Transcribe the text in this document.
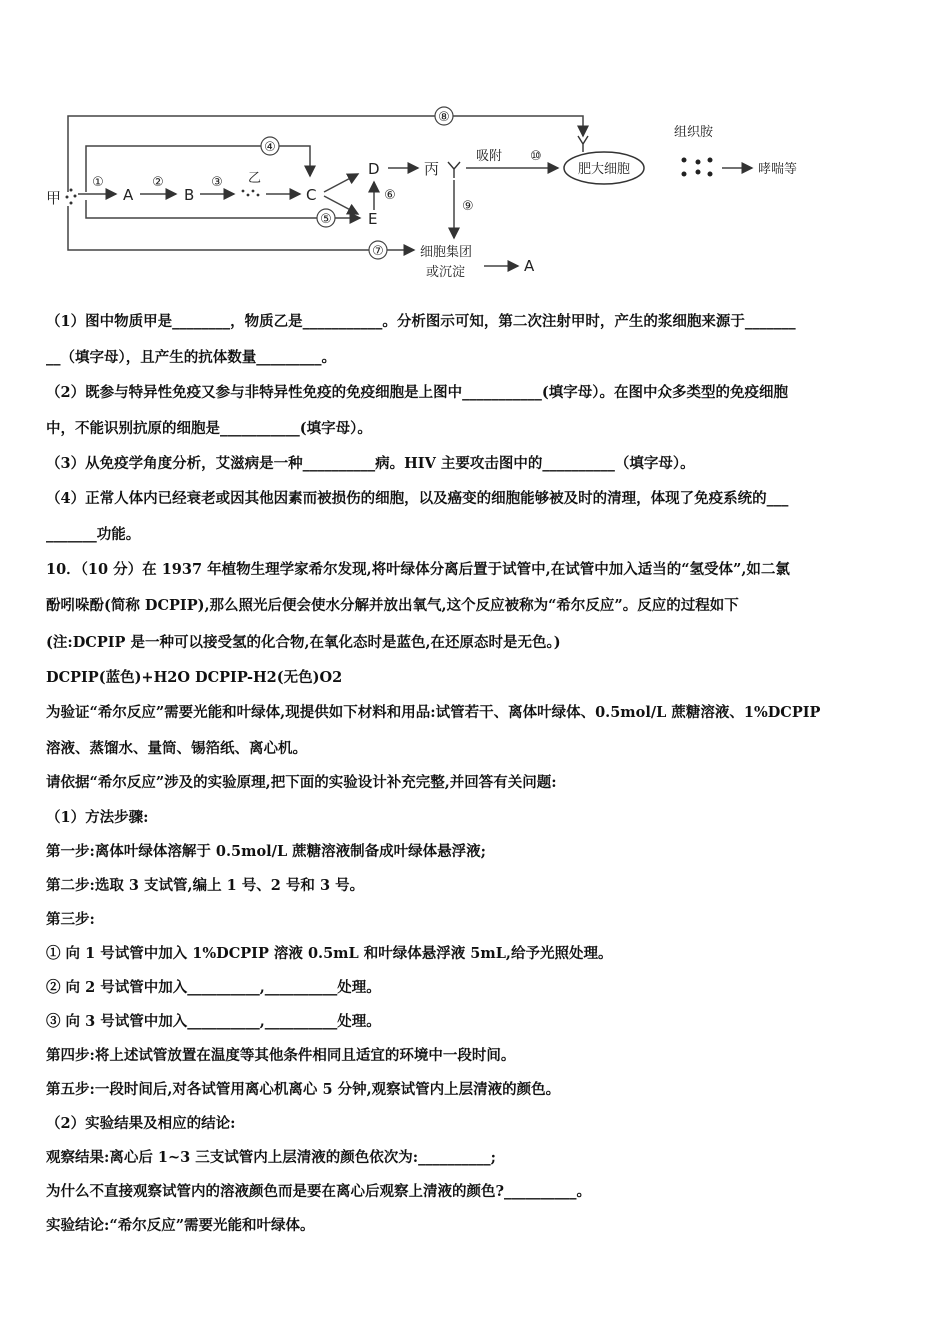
甲
⑧
④
①
A
②
B
③ 乙
C
D
E
⑥
⑤
丙
吸附 ⑩
肥大细胞
组织胺
哮喘等
⑨
⑦	细胞集团
或沉淀	A
（1）图中物质甲是________，物质乙是___________。分析图示可知，第二次注射甲时，产生的浆细胞来源于_______
__（填字母），且产生的抗体数量_________。
（2）既参与特异性免疫又参与非特异性免疫的免疫细胞是上图中___________(填字母）。在图中众多类型的免疫细胞
中，不能识别抗原的细胞是___________(填字母）。
（3）从免疫学角度分析，艾滋病是一种__________病。HIV 主要攻击图中的__________（填字母）。
（4）正常人体内已经衰老或因其他因素而被损伤的细胞，以及癌变的细胞能够被及时的清理，体现了免疫系统的___
_______功能。
10．（10 分）在 1937 年植物生理学家希尔发现,将叶绿体分离后置于试管中,在试管中加入适当的“氢受体”,如二氯
酚吲哚酚(简称 DCPIP),那么照光后便会使水分解并放出氧气,这个反应被称为“希尔反应”。反应的过程如下
(注:DCPIP 是一种可以接受氢的化合物,在氧化态时是蓝色,在还原态时是无色。)
DCPIP(蓝色)+H2O DCPIP-H2(无色)O2
为验证“希尔反应”需要光能和叶绿体,现提供如下材料和用品:试管若干、离体叶绿体、0.5mol/L 蔗糖溶液、1%DCPIP
溶液、蒸馏水、量筒、锡箔纸、离心机。
请依据“希尔反应”涉及的实验原理,把下面的实验设计补充完整,并回答有关问题:
（1）方法步骤:
第一步:离体叶绿体溶解于 0.5mol/L 蔗糖溶液制备成叶绿体悬浮液;
第二步:选取 3 支试管,编上 1 号、2 号和 3 号。
第三步:
① 向 1 号试管中加入 1%DCPIP 溶液 0.5mL 和叶绿体悬浮液 5mL,给予光照处理。
② 向 2 号试管中加入__________,__________处理。
③ 向 3 号试管中加入__________,__________处理。
第四步:将上述试管放置在温度等其他条件相同且适宜的环境中一段时间。
第五步:一段时间后,对各试管用离心机离心 5 分钟,观察试管内上层清液的颜色。
（2）实验结果及相应的结论:
观察结果:离心后 1~3 三支试管内上层清液的颜色依次为:__________;
为什么不直接观察试管内的溶液颜色而是要在离心后观察上清液的颜色?__________。
实验结论:“希尔反应”需要光能和叶绿体。
